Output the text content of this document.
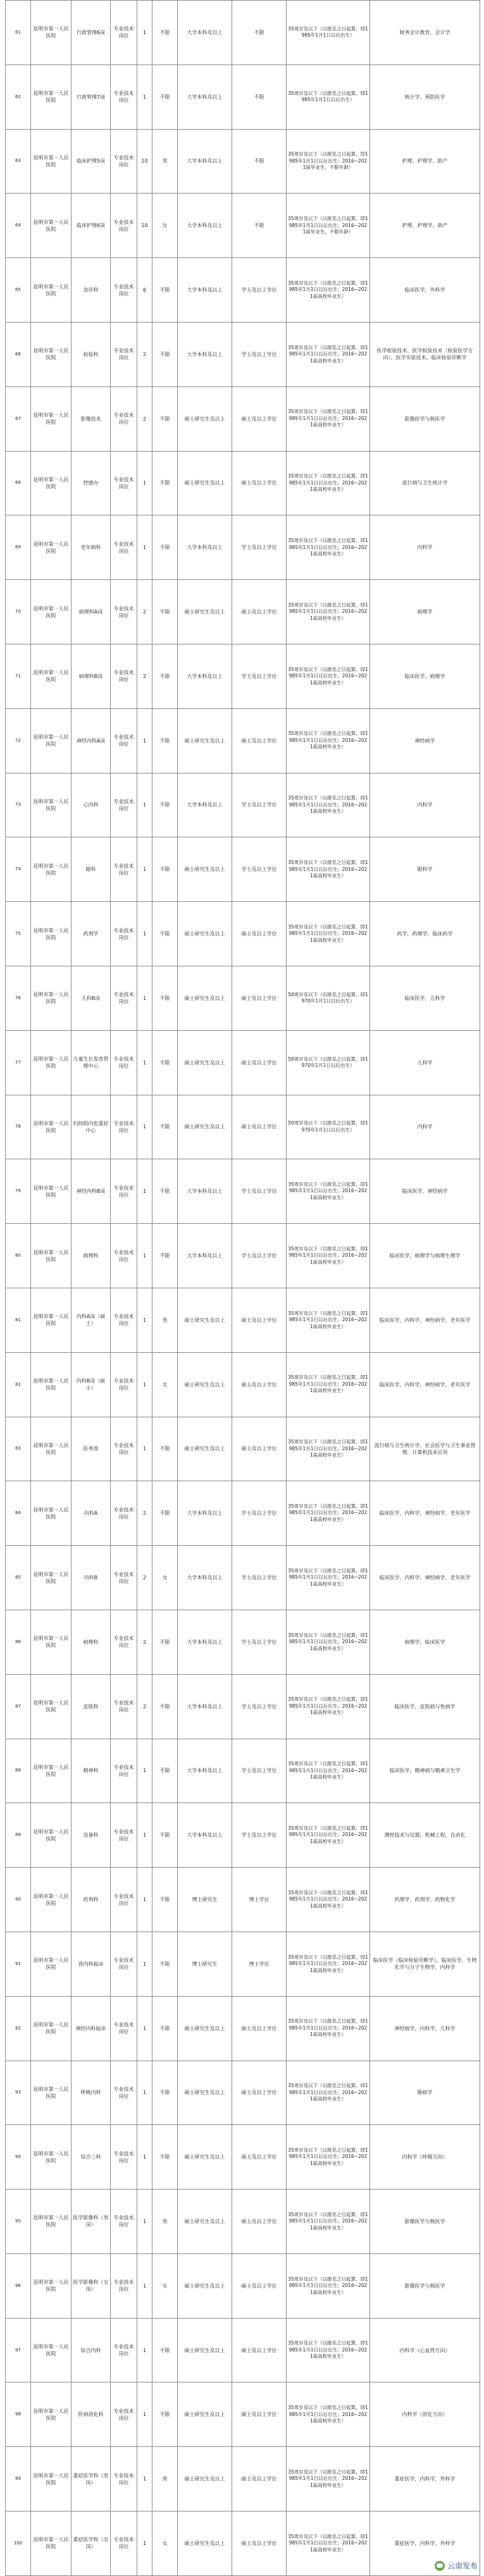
61	昆明市第一人民医院	行政管理6岗	专业技术岗位	1	不限	大学本科及以上	不限	35周岁及以下（以报名之日起算，即1985年1月1日以后出生）	财务会计教育、会计学
62	昆明市第一人民医院	行政管理7岗	专业技术岗位	1	不限	大学本科及以上	不限	35周岁及以下（以报名之日起算，即1985年1月1日以后出生）	统计学、预防医学
63	昆明市第一人民医院	临床护理5岗	专业技术岗位	10	男	大学本科及以上	不限	35周岁及以下（以报名之日起算，即1985年1月1日以后出生；2016~2021届毕业生，不限年龄）	护理、护理学、助产
64	昆明市第一人民医院	临床护理6岗	专业技术岗位	10	女	大学本科及以上	不限	35周岁及以下（以报名之日起算，即1985年1月1日以后出生；2016~2021届毕业生，不限年龄）	护理、护理学、助产
65	昆明市第一人民医院	急诊科	专业技术岗位	6	不限	大学本科及以上	学士及以上学位	35周岁及以下（以报名之日起算，即1985年1月1日以后出生；2016~2021届高校毕业生）	临床医学，外科学
66	昆明市第一人民医院	检验科	专业技术岗位	2	不限	大学本科及以上	学士及以上学位	35周岁及以下（以报名之日起算，即1985年1月1日以后出生；2016~2021届高校毕业生）	医学检验技术、医学检验技术（检验医学方向）、医学实验技术、临床检验诊断学
67	昆明市第一人民医院	影像技术	专业技术岗位	2	不限	硕士研究生及以上	硕士及以上学位	35周岁及以下（以报名之日起算，即1985年1月1日以后出生；2016~2021届高校毕业生）	影像医学与核医学
68	昆明市第一人民医院	控感办	专业技术岗位	1	不限	硕士研究生及以上	硕士及以上学位	35周岁及以下（以报名之日起算，即1985年1月1日以后出生；2016~2021届高校毕业生）	流行病与卫生统计学
69	昆明市第一人民医院	老年病科	专业技术岗位	1	不限	大学本科及以上	学士及以上学位	35周岁及以下（以报名之日起算，即1985年1月1日以后出生；2016~2021届高校毕业生）	内科学
70	昆明市第一人民医院	病理科A岗	专业技术岗位	2	不限	硕士研究生及以上	硕士及以上学位	35周岁及以下（以报名之日起算，即1985年1月1日以后出生；2016~2021届高校毕业生）	病理学
71	昆明市第一人民医院	病理科B岗	专业技术岗位	2	不限	大学本科及以上	学士及以上学位	35周岁及以下（以报名之日起算，即1985年1月1日以后出生；2016~2021届高校毕业生）	临床医学、病理学
72	昆明市第一人民医院	神经内科A岗	专业技术岗位	1	不限	硕士研究生及以上	硕士及以上学位	35周岁及以下（以报名之日起算，即1985年1月1日以后出生；2016~2021届高校毕业生）	神经病学
73	昆明市第一人民医院	心内科	专业技术岗位	1	不限	大学本科及以上	学士及以上学位	35周岁及以下（以报名之日起算，即1985年1月1日以后出生；2016~2021届高校毕业生）	内科学
74	昆明市第一人民医院	眼科	专业技术岗位	1	不限	硕士研究生及以上	学士及以上学位	35周岁及以下（以报名之日起算，即1985年1月1日以后出生；2016~2021届高校毕业生）	眼科学
75	昆明市第一人民医院	药剂学	专业技术岗位	1	不限	硕士研究生及以上	硕士及以上学位	35周岁及以下（以报名之日起算，即1985年1月1日以后出生；2016~2021届高校毕业生）	药学，药理学，临床药学
76	昆明市第一人民医院	儿科B岗	专业技术岗位	1	不限	硕士研究生及以上	硕士及以上学位	50周岁及以下（以报名之日起算，即1970年1月1日以后出生）	临床医学，儿科学
77	昆明市第一人民医院	儿童生长发育管理中心	专业技术岗位	1	不限	硕士研究生及以上	硕士及以上学位	50周岁及以下（以报名之日起算，即1970年1月1日以后出生）	儿科学
78	昆明市第一人民医院	妇幼院内危重症中心	专业技术岗位	1	不限	硕士研究生及以上	硕士及以上学位	50周岁及以下（以报名之日起算，即1970年1月1日以后出生）	内科学
79	昆明市第一人民医院	神经内科B岗	专业技术岗位	1	不限	大学本科及以上	学士及以上学位	35周岁及以下（以报名之日起算，即1985年1月1日以后出生；2016~2021届高校毕业生）	临床医学，神经病学
80	昆明市第一人民医院	病理科	专业技术岗位	1	不限	大学本科及以上	学士及以上学位	35周岁及以下（以报名之日起算，即1985年1月1日以后出生；2016~2021届高校毕业生）	临床医学，病理学与病理生理学
81	昆明市第一人民医院	内科A岗（硕士）	专业技术岗位	1	男	硕士研究生及以上	硕士及以上学位	35周岁及以下（以报名之日起算，即1985年1月1日以后出生；2016~2021届高校毕业生）	临床医学，内科学，神经病学，老年医学
82	昆明市第一人民医院	内科B岗（硕士）	专业技术岗位	1	女	硕士研究生及以上	硕士及以上学位	35周岁及以下（以报名之日起算，即1985年1月1日以后出生；2016~2021届高校毕业生）	临床医学，内科学，神经病学，老年医学
83	昆明市第一人民医院	医务部	专业技术岗位	1	不限	硕士研究生及以上	硕士及以上学位	35周岁及以下（以报名之日起算，即1985年1月1日以后出生；2016~2021届高校毕业生）	流行病与卫生统计学，社会医学与卫生事业管理，计算机技术应用
84	昆明市第一人民医院	内科A	专业技术岗位	2	不限	大学本科及以上	学士及以上学位	35周岁及以下（以报名之日起算，即1985年1月1日以后出生；2016~2021届高校毕业生）	临床医学，内科学，神经病学，老年医学
85	昆明市第一人民医院	内科B	专业技术岗位	2	女	大学本科及以上	学士及以上学位	35周岁及以下（以报名之日起算，即1985年1月1日以后出生；2016~2021届高校毕业生）	临床医学，内科学，神经病学，老年医学
86	昆明市第一人民医院	病理科	专业技术岗位	2	不限	大学本科及以上	学士及以上学位	35周岁及以下（以报名之日起算，即1985年1月1日以后出生；2016~2021届高校毕业生）	病理学，临床医学
87	昆明市第一人民医院	皮肤科	专业技术岗位	2	不限	大学本科及以上	学士及以上学位	35周岁及以下（以报名之日起算，即1985年1月1日以后出生；2016~2021届高校毕业生）	临床医学，皮肤病与性病学
88	昆明市第一人民医院	精神科	专业技术岗位	1	不限	大学本科及以上	学士及以上学位	35周岁及以下（以报名之日起算，即1985年1月1日以后出生；2016~2021届高校毕业生）	临床医学，精神病与精神卫生学
89	昆明市第一人民医院	设备科	专业技术岗位	1	不限	大学本科及以上	学士及以上学位	35周岁及以下（以报名之日起算，即1985年1月1日以后出生；2016~2021届高校毕业生）	测控技术与仪器，机械工程，自动化
90	昆明市第一人民医院	药剂科	专业技术岗位	1	不限	博士研究生	博士学位	35周岁及以下（以报名之日起算，即1985年1月1日以后出生；2016~2021届高校毕业生）	药理学，药剂学，药物化学
91	昆明市第一人民医院	肾内科临床	专业技术岗位	1	不限	博士研究生	博士学位	35周岁及以下（以报名之日起算，即1985年1月1日以后出生；2016~2021届高校毕业生）	临床医学（临床检验诊断学），临床医学，生物化学与分子生物学，内科学
92	昆明市第一人民医院	神经内科临床	专业技术岗位	1	不限	硕士研究生及以上	硕士及以上学位	35周岁及以下（以报名之日起算，即1985年1月1日以后出生；2016~2021届高校毕业生）	神经病学，内科学，儿科学
93	昆明市第一人民医院	呼吸内科	专业技术岗位	1	不限	硕士研究生及以上	硕士及以上学位	35周岁及以下（以报名之日起算，即1985年1月1日以后出生；2016~2021届高校毕业生）	肺病学
94	昆明市第一人民医院	综合三科	专业技术岗位	1	不限	硕士研究生及以上	硕士及以上学位	35周岁及以下（以报名之日起算，即1985年1月1日以后出生；2016~2021届高校毕业生）	内科学（呼吸方向）
95	昆明市第一人民医院	医学影像科（男岗）	专业技术岗位	1	男	硕士研究生及以上	硕士及以上学位	35周岁及以下（以报名之日起算，即1985年1月1日以后出生；2016~2021届高校毕业生）	影像医学与核医学
96	昆明市第一人民医院	医学影像科（女岗）	专业技术岗位	1	女	硕士研究生及以上	硕士及以上学位	35周岁及以下（以报名之日起算，即1985年1月1日以后出生；2016~2021届高校毕业生）	影像医学与核医学
97	昆明市第一人民医院	综合内科	专业技术岗位	1	不限	硕士研究生及以上	硕士及以上学位	35周岁及以下（以报名之日起算，即1985年1月1日以后出生；2016~2021届高校毕业生）	内科学（心血管方向）
98	昆明市第一人民医院	肝病消化科	专业技术岗位	1	不限	硕士研究生及以上	硕士及以上学位	35周岁及以下（以报名之日起算，即1985年1月1日以后出生；2016~2021届高校毕业生）	内科学（消化方向）
99	昆明市第一人民医院	重症医学科（男岗）	专业技术岗位	1	男	硕士研究生及以上	硕士及以上学位	35周岁及以下（以报名之日起算，即1985年1月1日以后出生；2016~2021届高校毕业生）	重症医学，内科学，外科学
100	昆明市第一人民医院	重症医学科（女岗）	专业技术岗位	1	女	硕士研究生及以上	硕士及以上学位	35周岁及以下（以报名之日起算，即1985年1月1日以后出生；2016~2021届高校毕业生）	重症医学，内科学，外科学
云南发布
